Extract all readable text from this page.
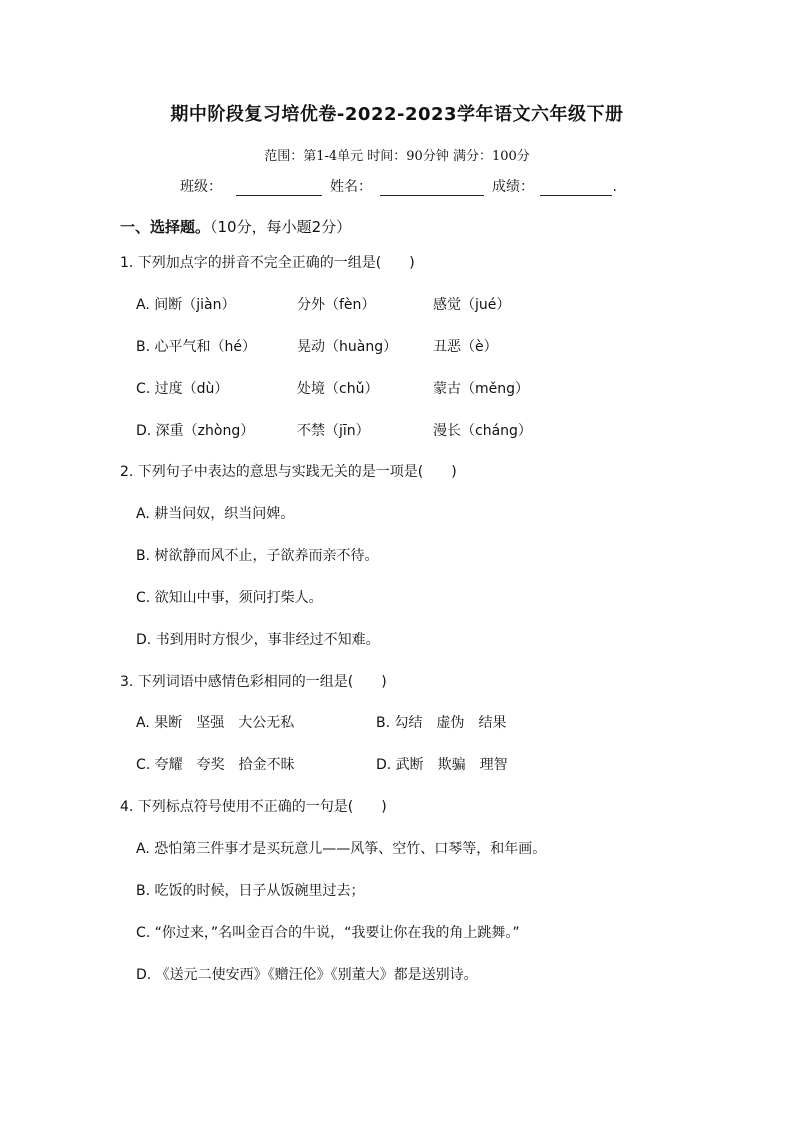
期中阶段复习培优卷-2022-2023学年语文六年级下册
范围：第1-4单元 时间：90分钟 满分：100分
班级：	姓名：	成绩：	.
一、选择题。（10分，每小题2分）
1. 下列加点字的拼音不完全正确的一组是(　　)
A. 间断（jiàn）	分外（fèn）	感觉（jué）
B. 心平气和（hé）	晃动（huàng）	丑恶（è）
C. 过度（dù）	处境（chǔ）	蒙古（měng）
D. 深重（zhòng）	不禁（jīn）	漫长（cháng）
2. 下列句子中表达的意思与实践无关的是一项是(　　)
A. 耕当问奴，织当问婢。
B. 树欲静而风不止，子欲养而亲不待。
C. 欲知山中事，须问打柴人。
D. 书到用时方恨少，事非经过不知难。
3. 下列词语中感情色彩相同的一组是(　　)
A. 果断　坚强　大公无私	B. 勾结　虚伪　结果
C. 夸耀　夸奖　拾金不昧	D. 武断　欺骗　理智
4. 下列标点符号使用不正确的一句是(　　)
A. 恐怕第三件事才是买玩意儿——风筝、空竹、口琴等，和年画。
B. 吃饭的时候，日子从饭碗里过去；
C. “你过来，”名叫金百合的牛说，“我要让你在我的角上跳舞。”
D. 《送元二使安西》《赠汪伦》《别董大》都是送别诗。
